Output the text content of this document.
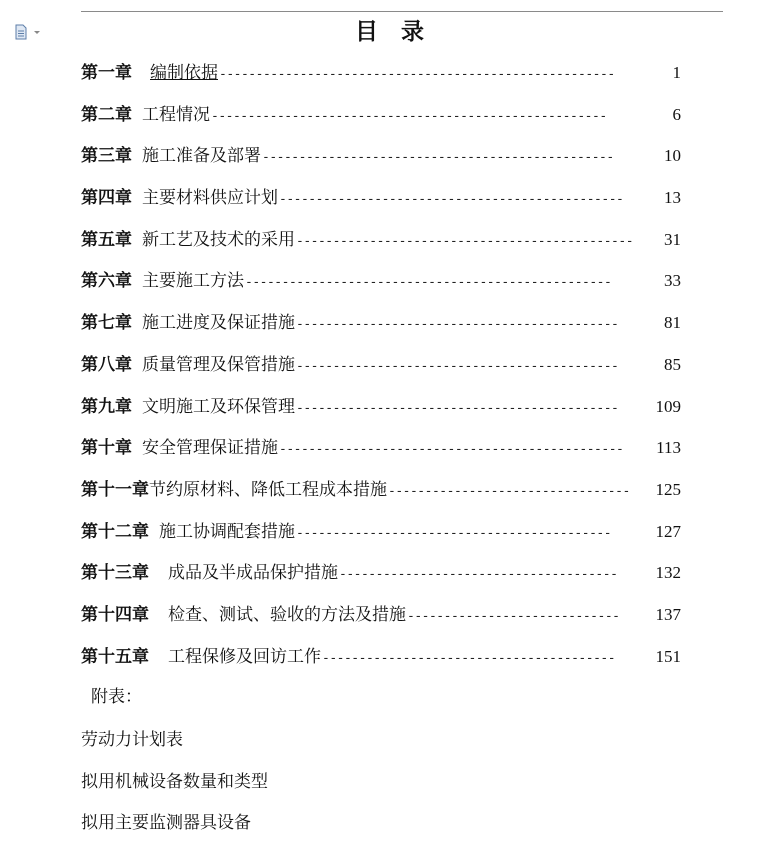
目　录
第一章 编制依据 ------------------------------------------------------	1
第二章 工程情况 ------------------------------------------------------	6
第三章 施工准备及部署 ------------------------------------------------	10
第四章 主要材料供应计划 -----------------------------------------------	13
第五章 新工艺及技术的采用 ----------------------------------------------	31
第六章 主要施工方法 --------------------------------------------------	33
第七章 施工进度及保证措施 --------------------------------------------	81
第八章 质量管理及保管措施 --------------------------------------------	85
第九章 文明施工及环保管理 --------------------------------------------	109
第十章 安全管理保证措施 -----------------------------------------------	113
第十一章 节约原材料、降低工程成本措施 ---------------------------------	125
第十二章 施工协调配套措施 -------------------------------------------	127
第十三章 成品及半成品保护措施 --------------------------------------	132
第十四章 检查、测试、验收的方法及措施 -----------------------------	137
第十五章 工程保修及回访工作 ----------------------------------------	151
附表：
劳动力计划表
拟用机械设备数量和类型
拟用主要监测器具设备
